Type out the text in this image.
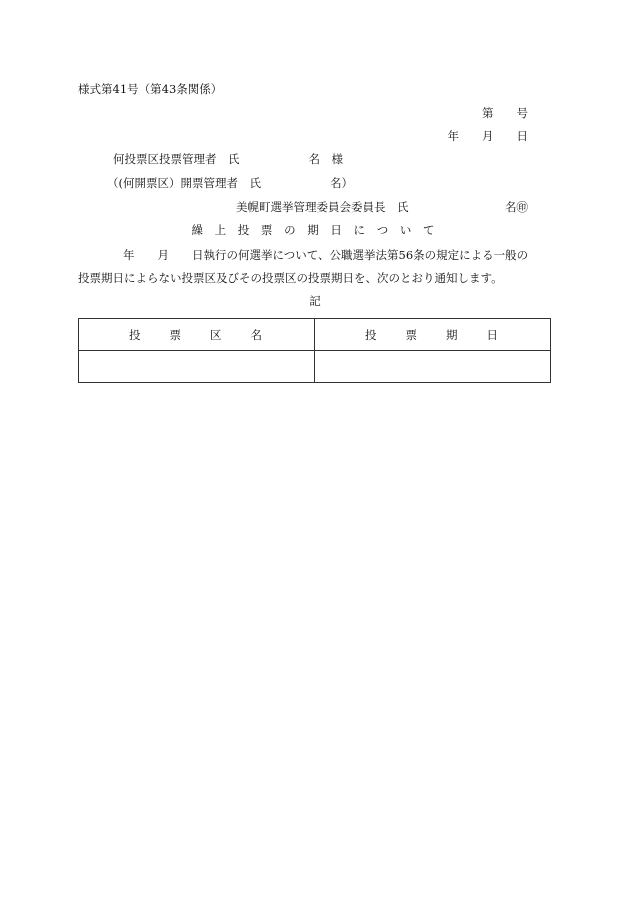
様式第41号（第43条関係）
第　　号
年　　月　　日
何投票区投票管理者　氏　　　　　　名　様
（(何開票区）開票管理者　氏　　　　　　名）
美幌町選挙管理委員会委員長　氏	名㊞
繰 上 投 票 の 期 日 に つ い て
年　　月　　日執行の何選挙について、公職選挙法第56条の規定による一般の
投票期日によらない投票区及びその投票区の投票期日を、次のとおり通知します。
記
投　　票　　区　　名	投　　票　　期　　日
